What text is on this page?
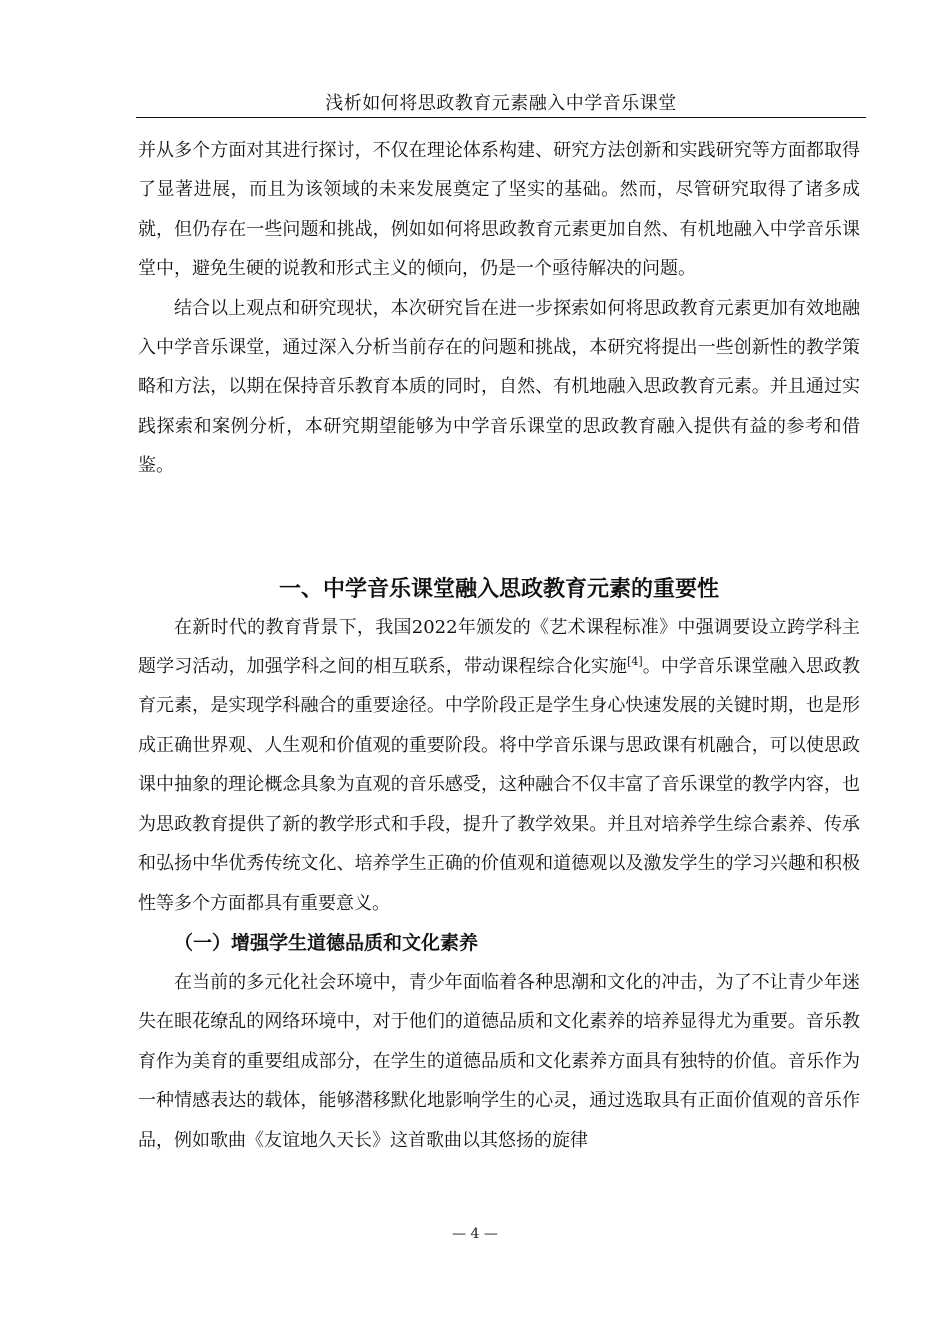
浅析如何将思政教育元素融入中学音乐课堂

并从多个方面对其进行探讨，不仅在理论体系构建、研究方法创新和实践研究等方面都取得了显著进展，而且为该领域的未来发展奠定了坚实的基础。然而，尽管研究取得了诸多成就，但仍存在一些问题和挑战，例如如何将思政教育元素更加自然、有机地融入中学音乐课堂中，避免生硬的说教和形式主义的倾向，仍是一个亟待解决的问题。

结合以上观点和研究现状，本次研究旨在进一步探索如何将思政教育元素更加有效地融入中学音乐课堂，通过深入分析当前存在的问题和挑战，本研究将提出一些创新性的教学策略和方法，以期在保持音乐教育本质的同时，自然、有机地融入思政教育元素。并且通过实践探索和案例分析，本研究期望能够为中学音乐课堂的思政教育融入提供有益的参考和借鉴。

一、中学音乐课堂融入思政教育元素的重要性

在新时代的教育背景下，我国2022年颁发的《艺术课程标准》中强调要设立跨学科主题学习活动，加强学科之间的相互联系，带动课程综合化实施[4]。中学音乐课堂融入思政教育元素，是实现学科融合的重要途径。中学阶段正是学生身心快速发展的关键时期，也是形成正确世界观、人生观和价值观的重要阶段。将中学音乐课与思政课有机融合，可以使思政课中抽象的理论概念具象为直观的音乐感受，这种融合不仅丰富了音乐课堂的教学内容，也为思政教育提供了新的教学形式和手段，提升了教学效果。并且对培养学生综合素养、传承和弘扬中华优秀传统文化、培养学生正确的价值观和道德观以及激发学生的学习兴趣和积极性等多个方面都具有重要意义。

（一）增强学生道德品质和文化素养

在当前的多元化社会环境中，青少年面临着各种思潮和文化的冲击，为了不让青少年迷失在眼花缭乱的网络环境中，对于他们的道德品质和文化素养的培养显得尤为重要。音乐教育作为美育的重要组成部分，在学生的道德品质和文化素养方面具有独特的价值。音乐作为一种情感表达的载体，能够潜移默化地影响学生的心灵，通过选取具有正面价值观的音乐作品，例如歌曲《友谊地久天长》这首歌曲以其悠扬的旋律

— 4 —
